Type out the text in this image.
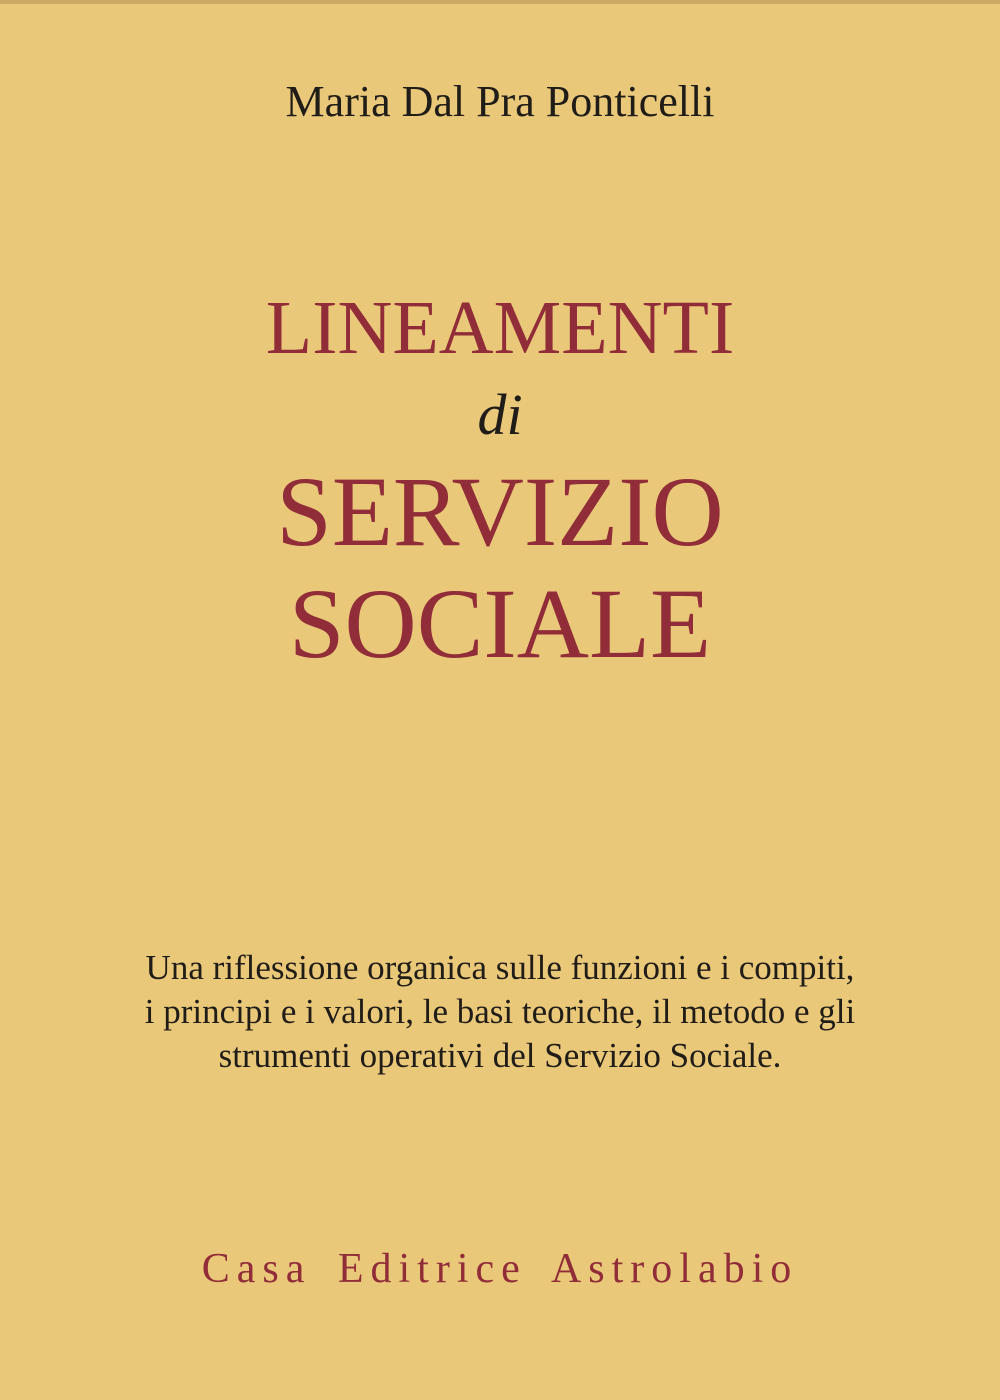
Maria Dal Pra Ponticelli

LINEAMENTI
di
SERVIZIO
SOCIALE

Una riflessione organica sulle funzioni e i compiti,

i principi e i valori, le basi teoriche, il metodo e gli

strumenti operativi del Servizio Sociale.

Casa Editrice Astrolabio
